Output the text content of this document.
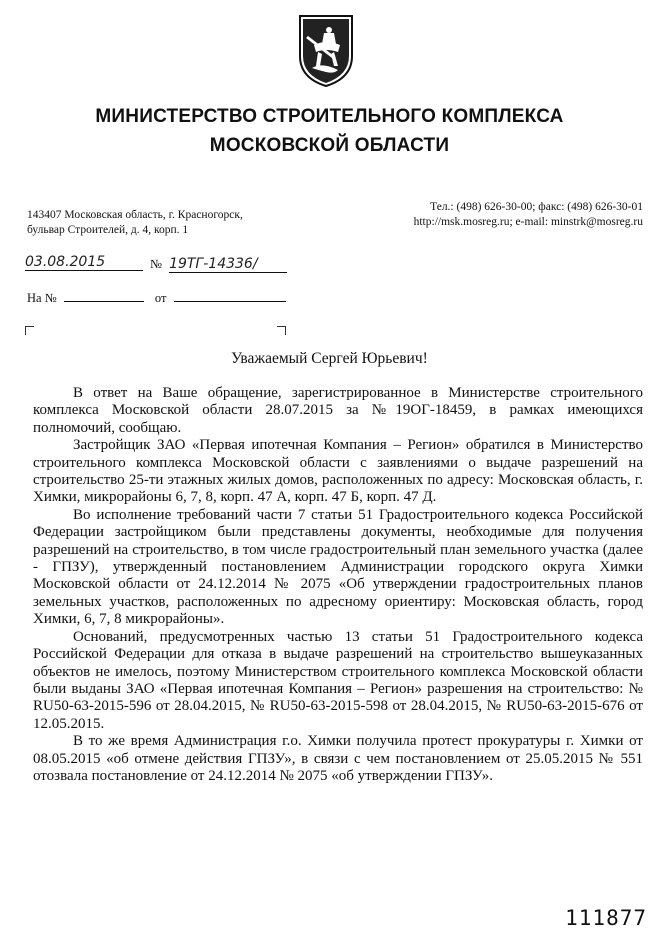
МИНИСТЕРСТВО СТРОИТЕЛЬНОГО КОМПЛЕКСА
МОСКОВСКОЙ ОБЛАСТИ
143407 Московская область, г. Красногорск,
бульвар Строителей, д. 4, корп. 1
Тел.: (498) 626-30-00; факс: (498) 626-30-01
http://msk.mosreg.ru; e-mail: minstrk@mosreg.ru
03.08.2015	№ 19ТГ-14336/
На №	от
Уважаемый Сергей Юрьевич!

В ответ на Ваше обращение, зарегистрированное в Министерстве строительного комплекса Московской области 28.07.2015 за №19ОГ-18459, в рамках имеющихся полномочий, сообщаю.

Застройщик ЗАО «Первая ипотечная Компания – Регион» обратился в Министерство строительного комплекса Московской области с заявлениями о выдаче разрешений на строительство 25-ти этажных жилых домов, расположенных по адресу: Московская область, г. Химки, микрорайоны 6, 7, 8, корп. 47 А, корп. 47 Б, корп. 47 Д.

Во исполнение требований части 7 статьи 51 Градостроительного кодекса Российской Федерации застройщиком были представлены документы, необходимые для получения разрешений на строительство, в том числе градостроительный план земельного участка (далее - ГПЗУ), утвержденный постановлением Администрации городского округа Химки Московской области от 24.12.2014 № 2075 «Об утверждении градостроительных планов земельных участков, расположенных по адресному ориентиру: Московская область, город Химки, 6, 7, 8 микрорайоны».

Оснований, предусмотренных частью 13 статьи 51 Градостроительного кодекса Российской Федерации для отказа в выдаче разрешений на строительство вышеуказанных объектов не имелось, поэтому Министерством строительного комплекса Московской области были выданы ЗАО «Первая ипотечная Компания – Регион» разрешения на строительство: № RU50-63-2015-596 от 28.04.2015, № RU50-63-2015-598 от 28.04.2015, № RU50-63-2015-676 от 12.05.2015.

В то же время Администрация г.о. Химки получила протест прокуратуры г. Химки от 08.05.2015 «об отмене действия ГПЗУ», в связи с чем постановлением от 25.05.2015 № 551 отозвала постановление от 24.12.2014 № 2075 «об утверждении ГПЗУ».

111877
